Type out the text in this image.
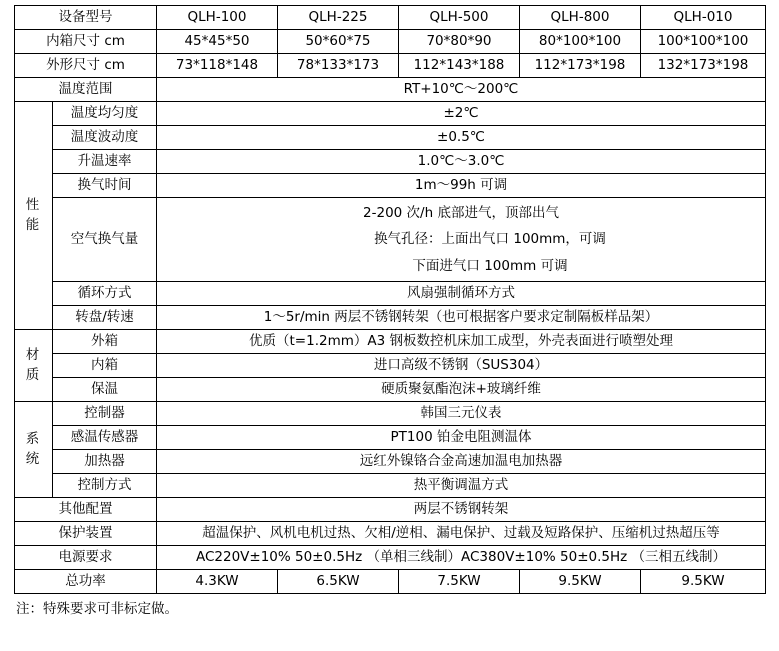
设备型号		QLH-100	QLH-225	QLH-500	QLH-800	QLH-010
内箱尺寸 cm		45*45*50	50*60*75	70*80*90	80*100*100	100*100*100
外形尺寸 cm		73*118*148	78*133*173	112*143*188	112*173*198	132*173*198
温度范围		RT+10℃～200℃				

性
能	温度均匀度	±2℃				
	温度波动度	±0.5℃				
	升温速率	1.0℃～3.0℃				
	换气时间	1m～99h 可调				
	空气换气量	2-200 次/h 底部进气，顶部出气
换气孔径：上面出气口 100mm，可调
下面进气口 100mm 可调				

	循环方式	风扇强制循环方式				
	转盘/转速	1～5r/min 两层不锈钢转架（也可根据客户要求定制隔板样品架）				

材
质	外箱	优质（t=1.2mm）A3 钢板数控机床加工成型，外壳表面进行喷塑处理				
	内箱	进口高级不锈钢（SUS304）				
	保温	硬质聚氨酯泡沫+玻璃纤维				

系
统	控制器	韩国三元仪表				
	感温传感器	PT100 铂金电阻测温体				
	加热器	远红外镍铬合金高速加温电加热器				
	控制方式	热平衡调温方式				
其他配置		两层不锈钢转架				
保护装置		超温保护、风机电机过热、欠相/逆相、漏电保护、过载及短路保护、压缩机过热超压等				
电源要求		AC220V±10% 50±0.5Hz （单相三线制）AC380V±10% 50±0.5Hz （三相五线制）				
总功率		4.3KW	6.5KW	7.5KW	9.5KW	9.5KW
注：特殊要求可非标定做。
